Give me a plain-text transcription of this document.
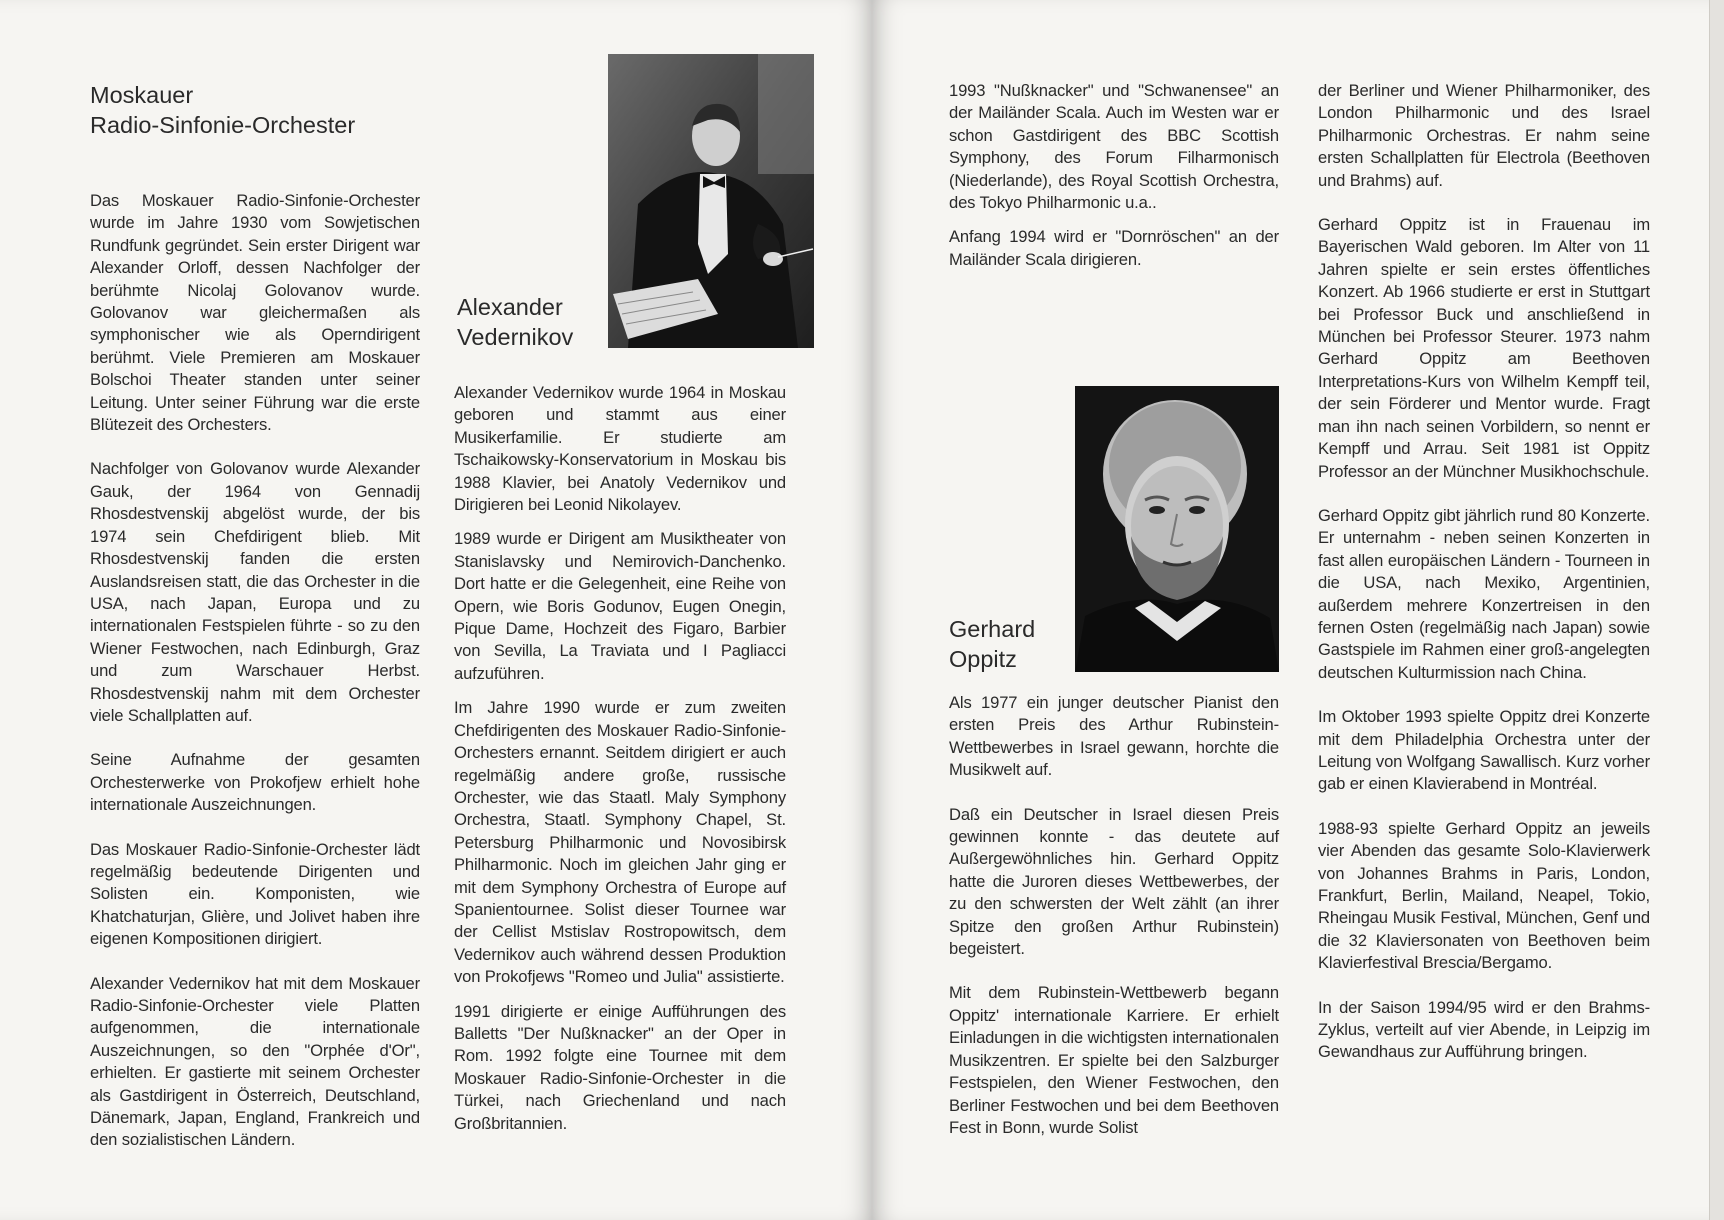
Moskauer
Radio-Sinfonie-Orchester

Das Moskauer Radio-Sinfonie-Orchester wurde im Jahre 1930 vom Sowjetischen Rundfunk gegründet. Sein erster Dirigent war Alexander Orloff, dessen Nachfolger der berühmte Nicolaj Golovanov wurde. Golovanov war gleichermaßen als symphonischer wie als Operndirigent berühmt. Viele Premieren am Moskauer Bolschoi Theater standen unter seiner Leitung. Unter seiner Führung war die erste Blütezeit des Orchesters.

Nachfolger von Golovanov wurde Alexander Gauk, der 1964 von Gennadij Rhosdestvenskij abgelöst wurde, der bis 1974 sein Chefdirigent blieb. Mit Rhosdestvenskij fanden die ersten Auslandsreisen statt, die das Orchester in die USA, nach Japan, Europa und zu internationalen Festspielen führte - so zu den Wiener Festwochen, nach Edinburgh, Graz und zum Warschauer Herbst. Rhosdestvenskij nahm mit dem Orchester viele Schallplatten auf.

Seine Aufnahme der gesamten Orchesterwerke von Prokofjew erhielt hohe internationale Auszeichnungen.

Das Moskauer Radio-Sinfonie-Orchester lädt regelmäßig bedeutende Dirigenten und Solisten ein. Komponisten, wie Khatchaturjan, Glière, und Jolivet haben ihre eigenen Kompositionen dirigiert.

Alexander Vedernikov hat mit dem Moskauer Radio-Sinfonie-Orchester viele Platten aufgenommen, die internationale Auszeichnungen, so den "Orphée d'Or", erhielten. Er gastierte mit seinem Orchester als Gastdirigent in Österreich, Deutschland, Dänemark, Japan, England, Frankreich und den sozialistischen Ländern.

Alexander
Vedernikov

Alexander Vedernikov wurde 1964 in Moskau geboren und stammt aus einer Musikerfamilie. Er studierte am Tschaikowsky-Konservatorium in Moskau bis 1988 Klavier, bei Anatoly Vedernikov und Dirigieren bei Leonid Nikolayev.

1989 wurde er Dirigent am Musiktheater von Stanislavsky und Nemirovich-Danchenko. Dort hatte er die Gelegenheit, eine Reihe von Opern, wie Boris Godunov, Eugen Onegin, Pique Dame, Hochzeit des Figaro, Barbier von Sevilla, La Traviata und I Pagliacci aufzuführen.

Im Jahre 1990 wurde er zum zweiten Chefdirigenten des Moskauer Radio-Sinfonie-Orchesters ernannt. Seitdem dirigiert er auch regelmäßig andere große, russische Orchester, wie das Staatl. Maly Symphony Orchestra, Staatl. Symphony Chapel, St. Petersburg Philharmonic und Novosibirsk Philharmonic. Noch im gleichen Jahr ging er mit dem Symphony Orchestra of Europe auf Spanientournee. Solist dieser Tournee war der Cellist Mstislav Rostropowitsch, dem Vedernikov auch während dessen Produktion von Prokofjews "Romeo und Julia" assistierte.

1991 dirigierte er einige Aufführungen des Balletts "Der Nußknacker" an der Oper in Rom. 1992 folgte eine Tournee mit dem Moskauer Radio-Sinfonie-Orchester in die Türkei, nach Griechenland und nach Großbritannien.

1993 "Nußknacker" und "Schwanensee" an der Mailänder Scala. Auch im Westen war er schon Gastdirigent des BBC Scottish Symphony, des Forum Filharmonisch (Niederlande), des Royal Scottish Orchestra, des Tokyo Philharmonic u.a..

Anfang 1994 wird er "Dornröschen" an der Mailänder Scala dirigieren.

Gerhard
Oppitz

Als 1977 ein junger deutscher Pianist den ersten Preis des Arthur Rubinstein-Wettbewerbes in Israel gewann, horchte die Musikwelt auf.

Daß ein Deutscher in Israel diesen Preis gewinnen konnte - das deutete auf Außergewöhnliches hin. Gerhard Oppitz hatte die Juroren dieses Wettbewerbes, der zu den schwersten der Welt zählt (an ihrer Spitze den großen Arthur Rubinstein) begeistert.

Mit dem Rubinstein-Wettbewerb begann Oppitz' internationale Karriere. Er erhielt Einladungen in die wichtigsten internationalen Musikzentren. Er spielte bei den Salzburger Festspielen, den Wiener Festwochen, den Berliner Festwochen und bei dem Beethoven Fest in Bonn, wurde Solist

der Berliner und Wiener Philharmoniker, des London Philharmonic und des Israel Philharmonic Orchestras. Er nahm seine ersten Schallplatten für Electrola (Beethoven und Brahms) auf.

Gerhard Oppitz ist in Frauenau im Bayerischen Wald geboren. Im Alter von 11 Jahren spielte er sein erstes öffentliches Konzert. Ab 1966 studierte er erst in Stuttgart bei Professor Buck und anschließend in München bei Professor Steurer. 1973 nahm Gerhard Oppitz am Beethoven Interpretations-Kurs von Wilhelm Kempff teil, der sein Förderer und Mentor wurde. Fragt man ihn nach seinen Vorbildern, so nennt er Kempff und Arrau. Seit 1981 ist Oppitz Professor an der Münchner Musikhochschule.

Gerhard Oppitz gibt jährlich rund 80 Konzerte. Er unternahm - neben seinen Konzerten in fast allen europäischen Ländern - Tourneen in die USA, nach Mexiko, Argentinien, außerdem mehrere Konzertreisen in den fernen Osten (regelmäßig nach Japan) sowie Gastspiele im Rahmen einer groß-angelegten deutschen Kulturmission nach China.

Im Oktober 1993 spielte Oppitz drei Konzerte mit dem Philadelphia Orchestra unter der Leitung von Wolfgang Sawallisch. Kurz vorher gab er einen Klavierabend in Montréal.

1988-93 spielte Gerhard Oppitz an jeweils vier Abenden das gesamte Solo-Klavierwerk von Johannes Brahms in Paris, London, Frankfurt, Berlin, Mailand, Neapel, Tokio, Rheingau Musik Festival, München, Genf und die 32 Klaviersonaten von Beethoven beim Klavierfestival Brescia/Bergamo.

In der Saison 1994/95 wird er den Brahms-Zyklus, verteilt auf vier Abende, in Leipzig im Gewandhaus zur Aufführung bringen.
